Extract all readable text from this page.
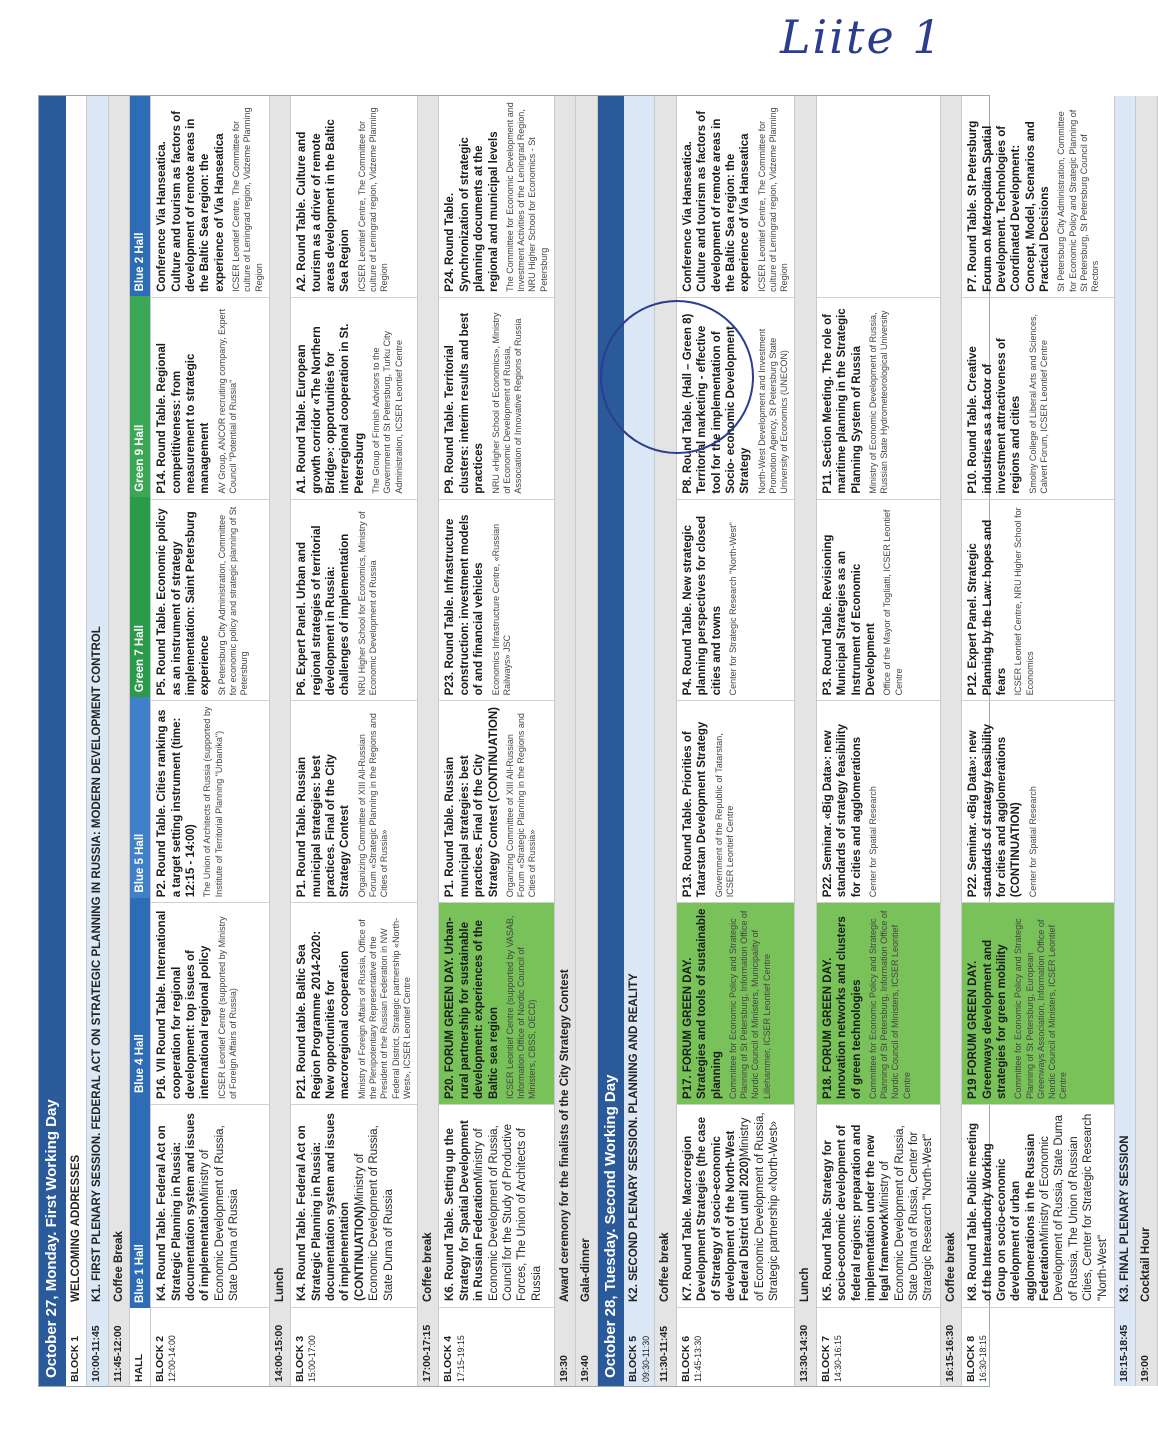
Liite 1
October 27, Monday. First Working Day BLOCK 1
WELCOMING ADDRESSES
10:00-11:45
K1. FIRST PLENARY SESSION. FEDERAL ACT ON STRATEGIC PLANNING IN RUSSIA: MODERN DEVELOPMENT CONTROL
11:45-12:00
Coffee Break
HALL
Blue 1 Hall
Blue 4 Hall
Blue 5 Hall
Green 7 Hall
Green 9 Hall
Blue 2 Hall
BLOCK 2 12:00-14:00
K4. Round Table. Federal Act on Strategic Planning in Russia: documentation system and issues of implementationMinistry of Economic Development of Russia, State Duma of Russia
P16. VII Round Table. International cooperation for regional development: top issues of international regional policy ICSER Leontief Centre (supported by Ministry of Foreign Affairs of Russia)
P2. Round Table. Cities ranking as a target setting instrument (time: 12:15 - 14:00) The Union of Architects of Russia (supported by Institute of Territorial Planning "Urbanika")
P5. Round Table. Economic policy as an instrument of strategy implementation: Saint Petersburg experience St Petersburg City Administration, Committee for economic policy and strategic planning of St Petersburg
P14. Round Table. Regional competitiveness: from measurement to strategic management AV Group, ANCOR recruiting company, Expert Council "Potential of Russia"
Conference Via Hanseatica. Culture and tourism as factors of development of remote areas in the Baltic Sea region: the experience of Via Hanseatica ICSER Leontief Centre, The Committee for culture of Leningrad region, Vidzeme Planning Region
14:00-15:00
Lunch
BLOCK 3 15:00-17:00
K4. Round Table. Federal Act on Strategic Planning in Russia: documentation system and issues of implementation (CONTINUATION)Ministry of Economic Development of Russia, State Duma of Russia
P21. Round table. Baltic Sea Region Programme 2014-2020: New opportunities for macroregional cooperation Ministry of Foreign Affairs of Russia, Office of the Plenipotentiary Representative of the President of the Russian Federation in NW Federal District, Strategic partnership «North-West», ICSER Leontief Centre
P1. Round Table. Russian municipal strategies: best practices. Final of the City Strategy Contest Organizing Committee of XIII All-Russian Forum «Strategic Planning in the Regions and Cities of Russia»
P6. Expert Panel. Urban and regional strategies of territorial development in Russia: challenges of implementation NRU Higher School for Economics, Ministry of Economic Development of Russia
A1. Round Table. European growth corridor «The Northern Bridge»: opportunities for interregional cooperation in St. Petersburg The Group of Finnish Advisors to the Government of St Petersburg, Turku City Administration, ICSER Leontief Centre
A2. Round Table. Culture and tourism as a driver of remote areas development in the Baltic Sea Region ICSER Leontief Centre, The Committee for culture of Leningrad region, Vidzeme Planning Region
17:00-17:15
Coffee break
BLOCK 4 17:15-19:15
K6. Round Table. Setting up the Strategy for Spatial Development in Russian FederationMinistry of Economic Development of Russia, Council for the Study of Productive Forces, The Union of Architects of Russia
P20. FORUM GREEN DAY. Urban-rural partnership for sustainable development: experiences of the Baltic sea region ICSER Leontief Centre (supported by VASAB, Information Office of Nordic Council of Ministers, CBSS, OECD)
P1. Round Table. Russian municipal strategies: best practices. Final of the City Strategy Contest (CONTINUATION) Organizing Committee of XIII All-Russian Forum «Strategic Planning in the Regions and Cities of Russia»
P23. Round Table. Infrastructure construction: investment models of and financial vehicles Economics Infrastructure Centre, «Russian Railways» JSC
P9. Round Table. Territorial clusters: interim results and best practices NRU «Higher School of Economics», Ministry of Economic Development of Russia, Association of Innovative Regions of Russia
P24. Round Table. Synchronization of strategic planning documents at the regional and municipal levels The Committee for Economic Development and Investment Activities of the Leningrad Region, NRU Higher School for Economics - St Petersburg
19:30
Award ceremony for the finalists of the City Strategy Contest
19:40
Gala-dinner October 28, Tuesday. Second Working Day BLOCK 5 09:30-11:30
K2. SECOND PLENARY SESSION. PLANNING AND REALITY
11:30-11:45
Coffee break
BLOCK 6 11:45-13:30
K7. Round Table. Macroregion Development Strategies (the case of Strategy of socio-economic development of the North-West Federal District until 2020)Ministry of Economic Development of Russia, Strategic partnership «North-West»
P17. FORUM GREEN DAY. Strategies and tools of sustainable planning Committee for Economic Policy and Strategic Planning of St Petersburg, Information Office of Nordic Council of Ministers, Municipality of Lillehammer, ICSER Leontief Centre
P13. Round Table. Priorities of Tatarstan Development Strategy Government of the Republic of Tatarstan, ICSER Leontief Centre
P4. Round Table. New strategic planning perspectives for closed cities and towns Center for Strategic Research "North-West"
P8. Round Table. (Hall – Green 8) Territorial marketing - effective tool for the implementation of Socio- economic Development Strategy North-West Development and Investment Promotion Agency, St Petersburg State University of Economics (UNECON)
Conference Via Hanseatica. Culture and tourism as factors of development of remote areas in the Baltic Sea region: the experience of Via Hanseatica ICSER Leontief Centre, The Committee for culture of Leningrad region, Vidzeme Planning Region
13:30-14:30
Lunch
BLOCK 7 14:30-16:15
K5. Round Table. Strategy for socio-economic development of federal regions: preparation and implementation under the new legal frameworkMinistry of Economic Development of Russia, State Duma of Russia, Center for Strategic Research "North-West"
P18. FORUM GREEN DAY. Innovation networks and clusters of green technologies Committee for Economic Policy and Strategic Planning of St Petersburg, Information Office of Nordic Council of Ministers, ICSER Leontief Centre
P22. Seminar. «Big Data»: new standards of strategy feasibility for cities and agglomerations Center for Spatial Research
P3. Round Table. Revisioning Municipal Strategies as an Instrument of Economic Development Office of the Mayor of Togliatti, ICSER Leontief Centre
P11. Section Meeting. The role of maritime planning in the Strategic Planning System of Russia Ministry of Economic Development of Russia, Russian State Hydrometeorological University
16:15-16:30
Coffee break
BLOCK 8 16:30-18:15
K8. Round Table. Public meeting of the Interauthority Working Group on socio-economic development of urban agglomerations in the Russian FederationMinistry of Economic Development of Russia, State Duma of Russia, The Union of Russian Cities, Center for Strategic Research "North-West"
P19 FORUM GREEN DAY. Greenways development and strategies for green mobility Committee for Economic Policy and Strategic Planning of St Petersburg, European Greenways Association, Information Office of Nordic Council of Ministers, ICSER Leontief Centre
P22. Seminar. «Big Data»: new standards of strategy feasibility for cities and agglomerations (CONTINUATION) Center for Spatial Research
P12. Expert Panel. Strategic Planning by the Law: hopes and fears ICSER Leontief Centre, NRU Higher School for Economics
P10. Round Table. Creative industries as a factor of investment attractiveness of regions and cities Smolny College of Liberal Arts and Sciences, Calvert Forum, ICSER Leontief Centre
P7. Round Table. St Petersburg Forum on Metropolitan Spatial Development. Technologies of Coordinated Development: Concept, Model, Scenarios and Practical Decisions St Petersburg City Administration, Committee for Economic Policy and Strategic Planning of St Petersburg, St Petersburg Council of Rectors
18:15-18:45
K3. FINAL PLENARY SESSION
19:00
Cocktail Hour
